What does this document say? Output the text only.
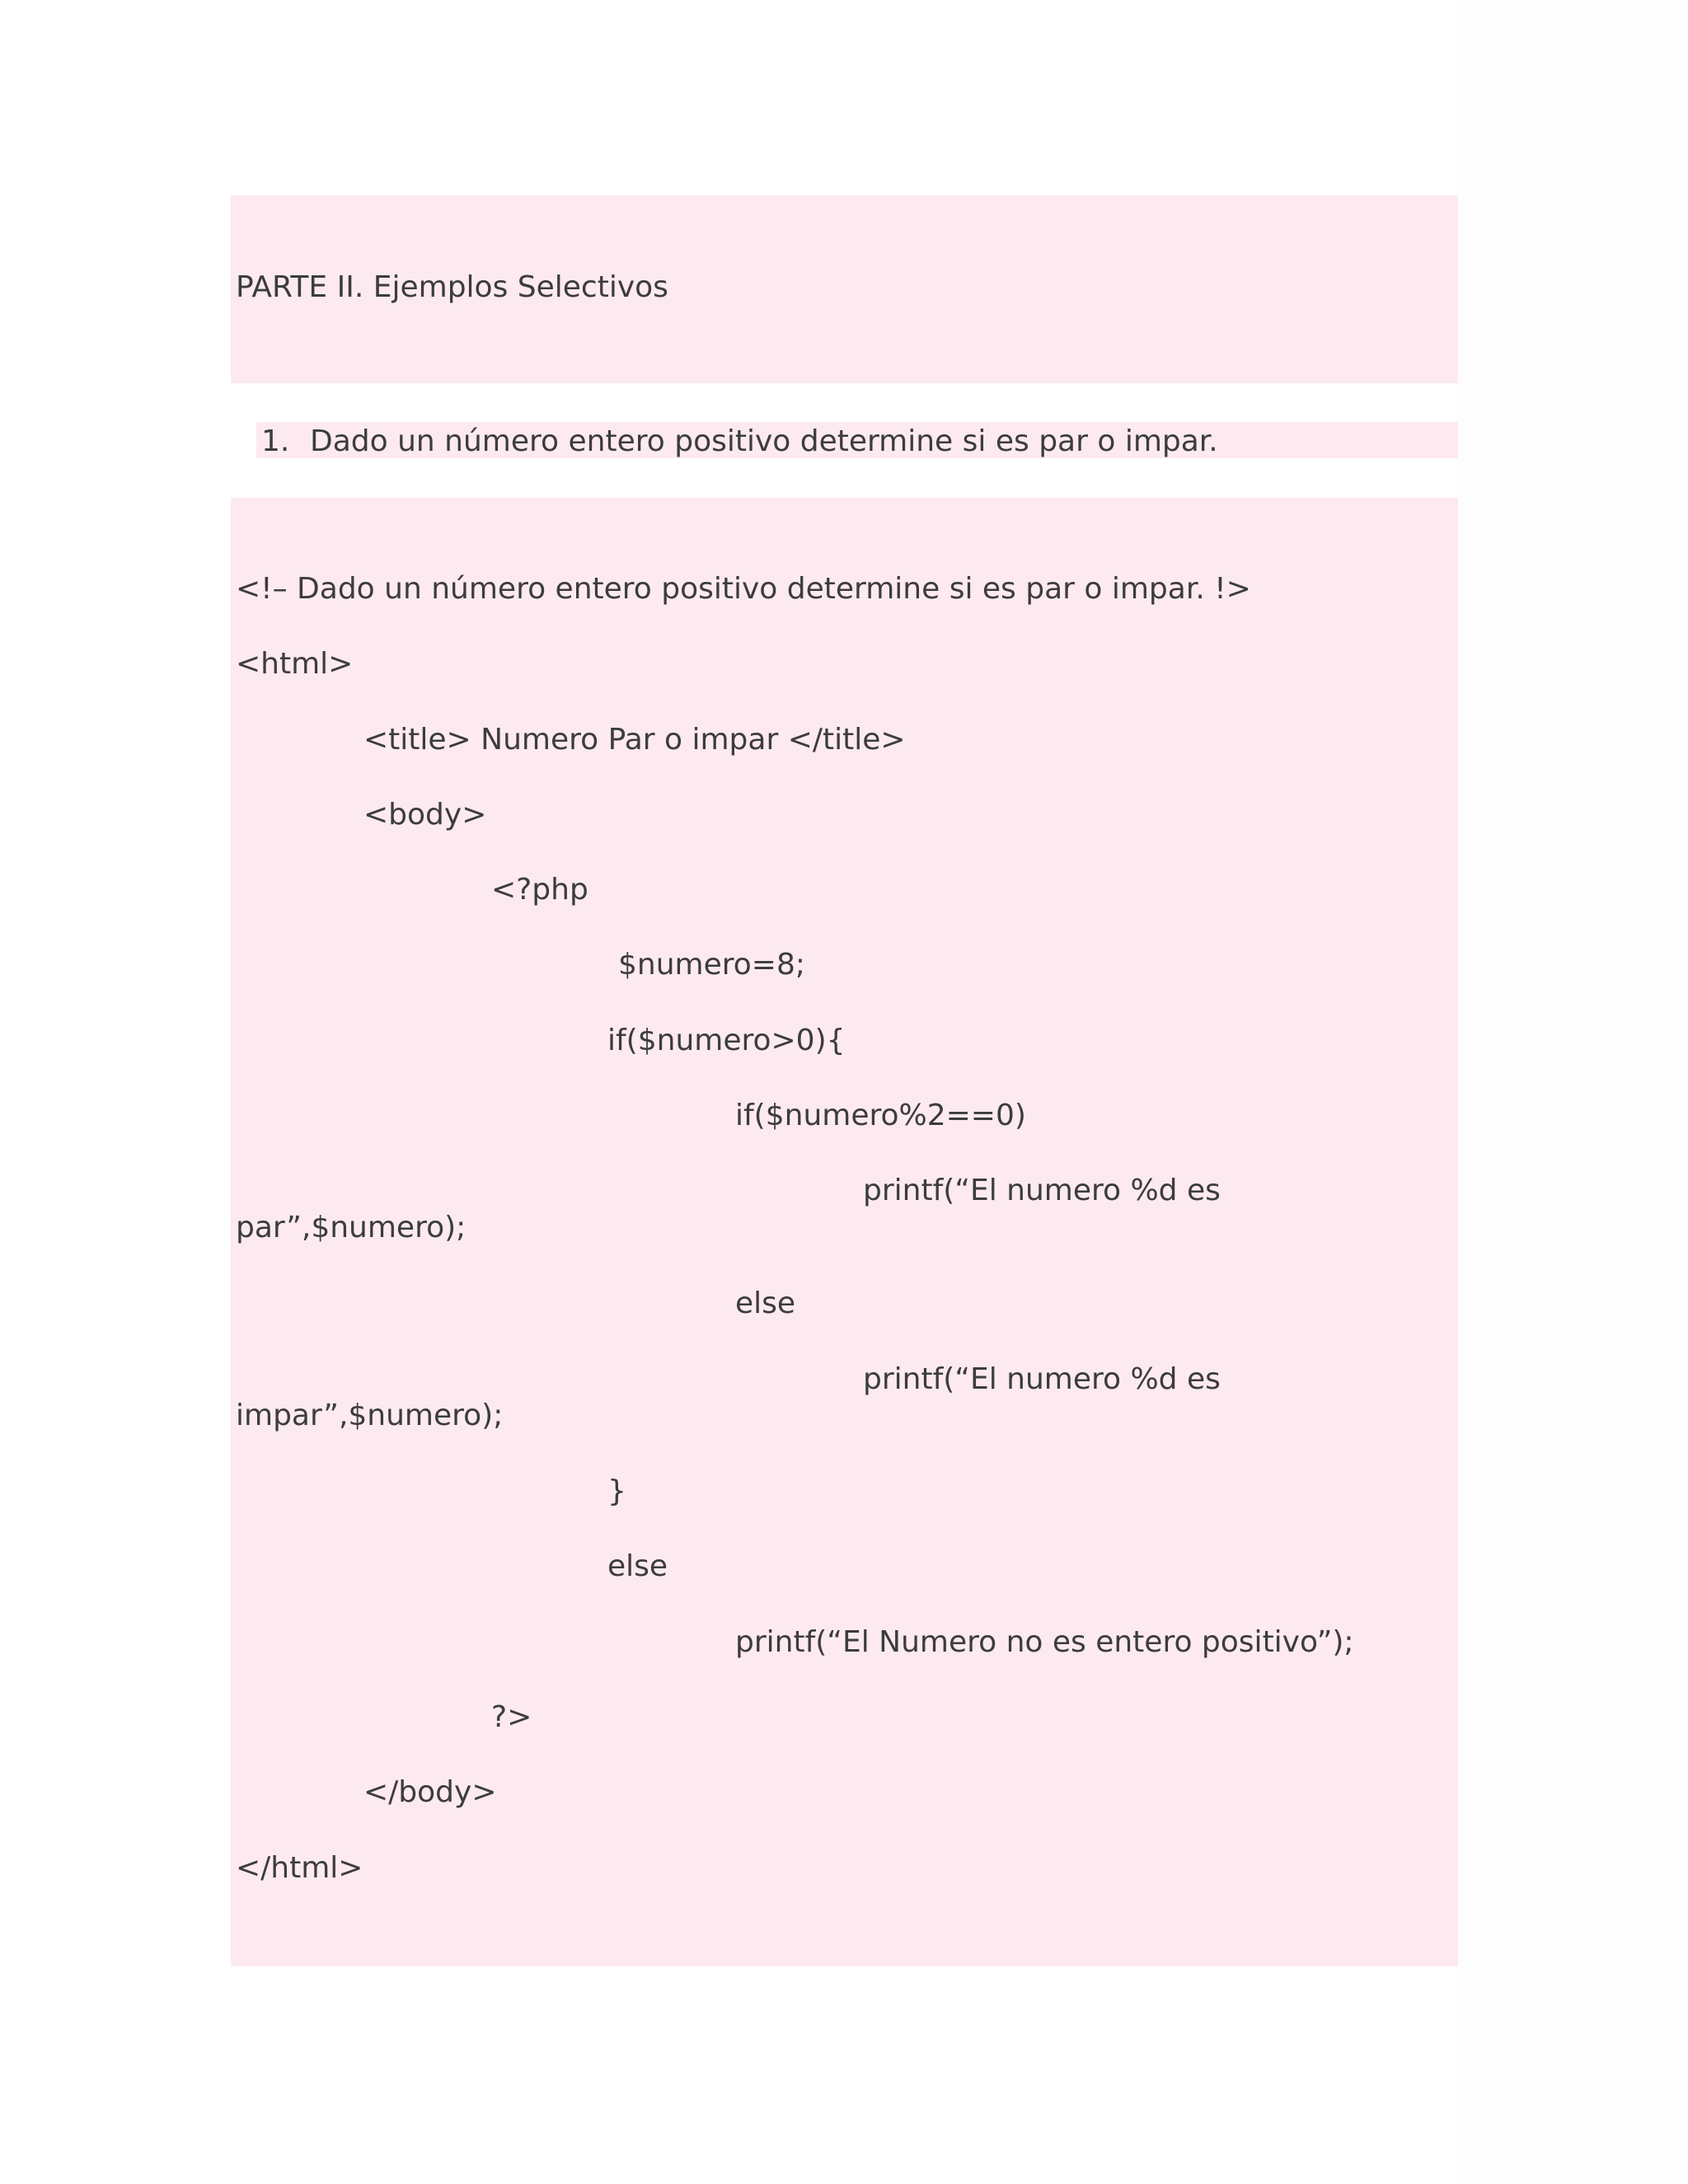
PARTE II. Ejemplos Selectivos
1. Dado un número entero positivo determine si es par o impar.
<!– Dado un número entero positivo determine si es par o impar. !>
<html>
<title> Numero Par o impar </title>
<body>
<?php
$numero=8;
if($numero>0){
if($numero%2==0)
printf(“El numero %d es
par”,$numero);
else
printf(“El numero %d es
impar”,$numero);
}
else
printf(“El Numero no es entero positivo”);
?>
</body>
</html>
